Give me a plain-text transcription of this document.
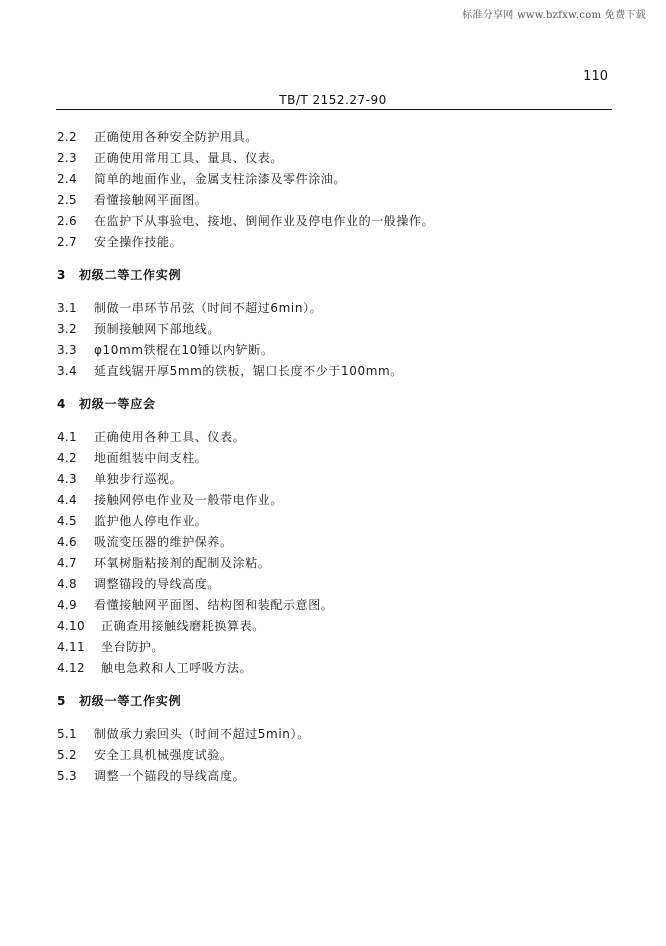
标准分享网 www.bzfxw.com 免费下载
110
TB/T 2152.27-90
2.2 正确使用各种安全防护用具。
2.3 正确使用常用工具、量具、仪表。
2.4 简单的地面作业，金属支柱涂漆及零件涂油。
2.5 看懂接触网平面图。
2.6 在监护下从事验电、接地、倒闸作业及停电作业的一般操作。
2.7 安全操作技能。
3 初级二等工作实例
3.1 制做一串环节吊弦（时间不超过6min）。
3.2 预制接触网下部地线。
3.3 φ10mm铁棍在10锤以内铲断。
3.4 延直线锯开厚5mm的铁板，锯口长度不少于100mm。
4 初级一等应会
4.1 正确使用各种工具、仪表。
4.2 地面组装中间支柱。
4.3 单独步行巡视。
4.4 接触网停电作业及一般带电作业。
4.5 监护他人停电作业。
4.6 吸流变压器的维护保养。
4.7 环氧树脂粘接剂的配制及涂粘。
4.8 调整锚段的导线高度。
4.9 看懂接触网平面图、结构图和装配示意图。
4.10 正确查用接触线磨耗换算表。
4.11 坐台防护。
4.12 触电急救和人工呼吸方法。
5 初级一等工作实例
5.1 制做承力索回头（时间不超过5min）。
5.2 安全工具机械强度试验。
5.3 调整一个锚段的导线高度。
